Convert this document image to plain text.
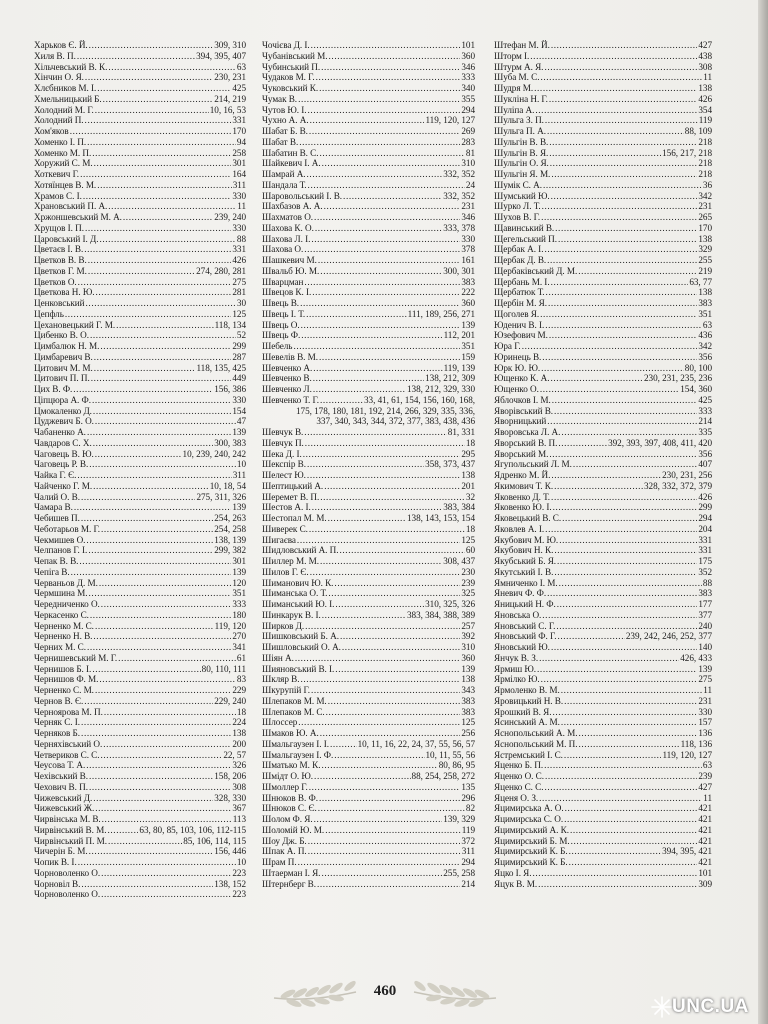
Харьков Є. Й. .....	309, 310
Хиля В. П. .....	394, 395, 407
Хільчевський В. К. .....	63
Хінчин О. Я. .....	230, 231
Хлєбников М. І. .....	425
Хмельницький Б. .....	214, 219
Холодний М. Г. .....	10, 16, 53
Холодний П. .....	331
Хом'яков .....	170
Хоменко І. П. .....	94
Хоменко М. П. .....	258
Хоружий С. М. .....	301
Хоткевич Г. .....	164
Хотяїнцев В. М. .....	311
Храмов С. І. .....	330
Храновський П. А. .....	11
Хржоншевський М. А. .....	239, 240
Хрущов І. П. .....	330
Царовський І. Д. .....	88
Цветаєв І. В. .....	331
Цветков В. В. .....	426
Цветков Г. М. .....	274, 280, 281
Цветков О. .....	275
Цветкова Н. Ю. .....	281
Ценковський .....	30
Цепфль .....	125
Цехановецький Г. М. .....	118, 134
Цибенко В. О. .....	52
Цимбалюк Н. М. .....	299
Цимбаревич В. .....	287
Цитович М. М. .....	118, 135, 425
Цитович П. П. .....	449
Цих В. Ф. .....	156, 386
Ціпцюра А. Ф. .....	330
Цмокаленко Д. .....	154
Цуджевич Б. О. .....	47
Чабаненко А. .....	139
Чавдаров С. Х. .....	300, 383
Чаговець В. Ю. .....	10, 239, 240, 242
Чаговець Р. В. .....	10
Чайка Г. Є. .....	311
Чайченко Г. М. .....	10, 18, 54
Чалий О. В. .....	275, 311, 326
Чамара В. .....	139
Чебишев П. .....	254, 263
Чеботарьов М. Г. .....	254, 258
Чекмишев О. .....	138, 139
Челпанов Г. І. .....	299, 382
Чепак В. В. .....	301
Чепіга В. .....	139
Черваньов Д. М. .....	120
Чермшина М. .....	351
Чередниченко О. .....	333
Черкасенко С. .....	180
Черненко М. С. .....	119, 120
Черненко Н. В. .....	270
Черних М. С. .....	341
Чернишевський М. Г. .....	61
Чернишов Б. І. .....	80, 110, 111
Чернишов Ф. М. .....	83
Черненко С. М. .....	229
Чернов В. Є. .....	229, 240
Черноярова М. П. .....	18
Черняк С. І. .....	224
Черняков Б. .....	138
Черняхівський О. .....	200
Четвериков С. С. .....	22, 57
Чеусова Т. А. .....	326
Чехівський В. .....	158, 206
Чехович В. П. .....	308
Чижевський Д. .....	328, 330
Чижевський Ж. .....	367
Чирвінська М. В. .....	113
Чирвінський В. М. .....	63, 80, 85, 103, 106, 112-115
Чирвінський П. М. .....	85, 106, 114, 115
Чичерін Б. М. .....	156, 446
Чопик В. І. .....	10
Чорноволенко О. .....	223
Чорновіл В. .....	138, 152
Чорноволенко О. .....	223
Чочієва Д. І. .....	101
Чубанівський М. .....	360
Чубинський П. .....	346
Чудаков М. Г. .....	333
Чуковський К. .....	340
Чумак В. .....	355
Чутов Ю. І. .....	294
Чухно А. А. .....	119, 120, 127
Шабат Б. В. .....	269
Шабат В. .....	283
Шабатин В. С. .....	81
Шайкевич І. А. .....	310
Шамрай А. .....	332, 352
Шандала Т. .....	24
Шаровольський І. В. .....	332, 352
Шахбазов А. А. .....	231
Шахматов О. .....	346
Шахова К. О. .....	333, 378
Шахова Л. І. .....	330
Шахова О. .....	378
Шашкевич М. .....	161
Швальб Ю. М. .....	300, 301
Шварцман .....	383
Швецов К. І. .....	222
Швець В. .....	360
Швець І. Т. .....	111, 189, 256, 271
Швець О. .....	139
Швець Ф. .....	112, 201
Шебель .....	351
Шевелів В. М. .....	159
Шевченко А. .....	119, 139
Шевченко В. .....	138, 212, 309
Шевченко Л. .....	138, 212, 329, 330
Шевченко Т. Г. .....	33, 41, 61, 154, 156, 160, 168,
175, 178, 180, 181, 192, 214, 266, 329, 335, 336,
337, 340, 343, 344, 372, 377, 383, 438, 436
Шевчук В. .....	81, 331
Шевчук П. .....	18
Шека Д. І. .....	295
Шекспір В. .....	358, 373, 437
Шелест Ю. .....	138
Шептицький А. .....	201
Шеремет В. П. .....	32
Шестов А. І. .....	383, 384
Шестопал М. М. .....	138, 143, 153, 154
Шиверек С. .....	18
Шигаєва .....	125
Шидловський А. П. .....	60
Шиллер М. М. .....	308, 437
Шилов Г. Є. .....	230
Шиманович Ю. К. .....	239
Шиманська О. Т. .....	325
Шиманський Ю. І. .....	310, 325, 326
Шинкарук В. І. .....	383, 384, 388, 389
Ширков Д. .....	257
Шишковський Б. А. .....	392
Шишловський О. А. .....	310
Шіян А. .....	360
Шияновський В. І. .....	139
Шкляр В. .....	138
Шкурупій Г. .....	343
Шлепаков М. М. .....	383
Шлепаков М. С. .....	383
Шлоссер .....	125
Шмаков Ю. А. .....	256
Шмальгаузен І. І. .....	10, 11, 16, 22, 24, 37, 55, 56, 57
Шмальгаузен І. Ф. .....	10, 11, 55, 56
Шматько М. К. .....	80, 86, 95
Шмідт О. Ю. .....	88, 254, 258, 272
Шмоллер Г. .....	135
Шнюков В. Ф. .....	296
Шнюков С. Є. .....	82
Шолом Ф. Я. .....	139, 329
Шоломій Ю. М. .....	119
Шоу Дж. Б. .....	372
Шпак А. П. .....	311
Шрам П. .....	294
Штаерман І. Я. .....	255, 258
Штернберг В. .....	214
Штефан М. Й. .....	427
Шторм І. .....	438
Штурм А. Я. .....	308
Шуба М. С. .....	11
Шудря М. .....	138
Шукліна Н. Г. .....	426
Шуліпа А. .....	354
Шульга З. П. .....	119
Шульга П. А. .....	88, 109
Шульгін В. В. .....	218
Шульгін В. Я. .....	156, 217, 218
Шульгін О. Я. .....	218
Шульгін Я. М. .....	218
Шумік С. А. .....	36
Шумський Ю. .....	342
Шурко Л. Т. .....	231
Шухов В. Г. .....	265
Щавинський В. .....	170
Щегельський П. .....	138
Щербак А. І. .....	329
Щербак Д. В. .....	255
Щербаківський Д. М. .....	219
Щербань М. І. .....	63, 77
Щербатюк Т. .....	138
Щербін М. Я. .....	383
Щоголев Я. .....	351
Юденич В. І. .....	63
Юзефович М. .....	436
Юра Г. .....	342
Юринець В. .....	356
Юрк Ю. Ю. .....	80, 100
Ющенко К. А. .....	230, 231, 235, 236
Ющенко О. .....	154, 360
Яблочков І. М. .....	425
Яворівський В. .....	333
Яворницький .....	214
Яворовська Л. А. .....	335
Яворський В. П. .....	392, 393, 397, 408, 411, 420
Яворський М. .....	356
Ягупольський Л. М. .....	407
Ядренко М. Й. .....	230, 231, 256
Якимович Т. К. .....	328, 332, 372, 379
Яковенко Д. Т. .....	426
Яковенко Ю. І. .....	299
Яковецький В. С. .....	294
Яковлев А. І. .....	204
Якубович М. Ю. .....	331
Якубович Н. К. .....	331
Якубський Б. Я. .....	175
Якутський І. В. .....	352
Ямниченко І. М. .....	88
Яневич Ф. Ф. .....	383
Яницький Н. Ф. .....	177
Яновська О. .....	377
Яновський С. Г. .....	240
Яновський Ф. Г. .....	239, 242, 246, 252, 377
Яновський Ю. .....	140
Янчук В. З. .....	426, 433
Ярмиш Ю. .....	139
Ярмілко Ю. .....	275
Ярмоленко В. М. .....	11
Яровицький Н. В. .....	231
Ярошкий В. Я. .....	330
Ясинський А. М. .....	157
Яснопольський А. М. .....	136
Яснопольський М. П. .....	118, 136
Ястремський І. С. .....	119, 120, 127
Яценко Б. П. .....	63
Яценко О. С. .....	239
Яценко С. С. .....	427
Яценя О. З. .....	11
Яцимирська А. О. .....	421
Яцимирська С. О. .....	421
Яцимирський А. К. .....	421
Яцимирський Б. М. .....	421
Яцимирський К. Б. .....	394, 395, 421
Яцимирський К. Б. .....	421
Яцко І. Я. .....	101
Яцук В. М. .....	309
460
UNC.UA
